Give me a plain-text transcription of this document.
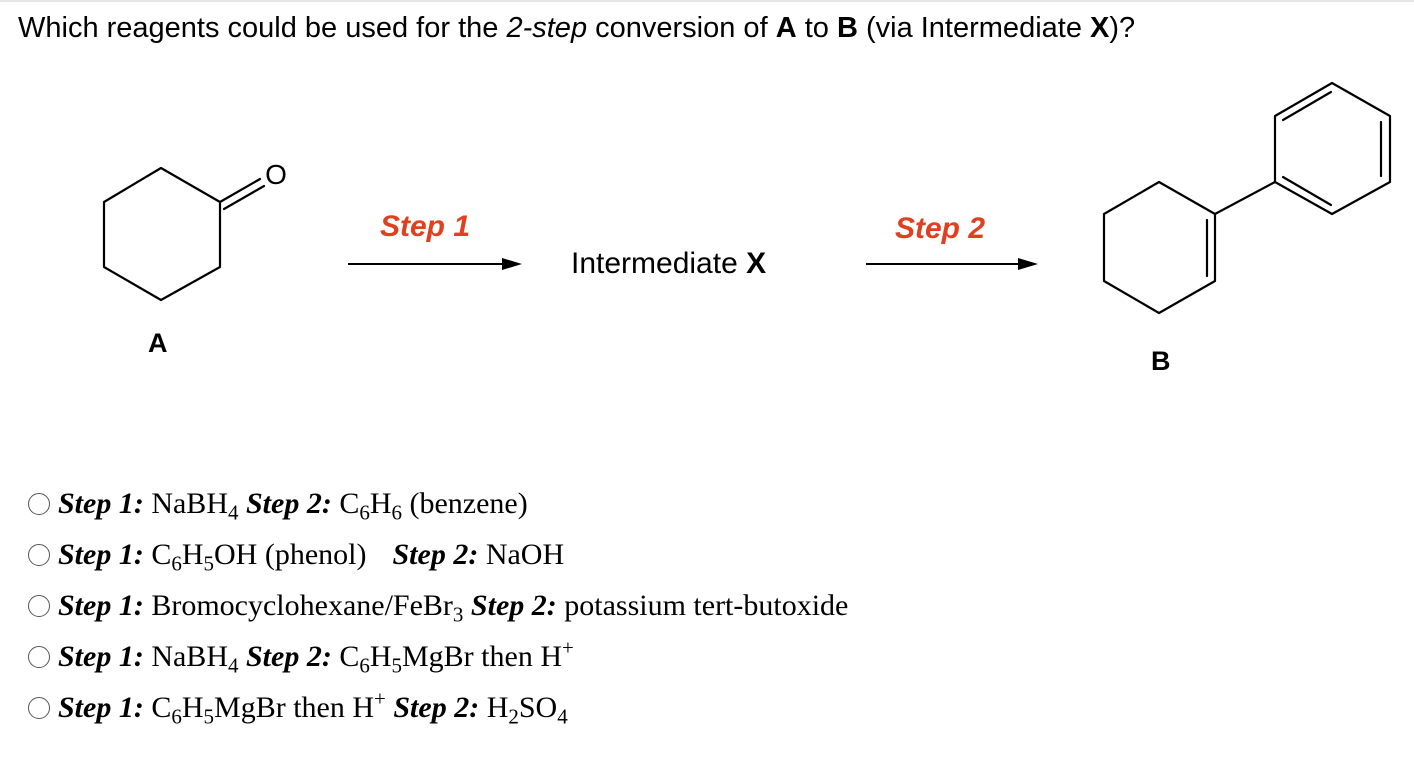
Which reagents could be used for the 2-step conversion of A to B (via Intermediate X)?
O
A
B
Step 1	Step 2
Intermediate X
Step 1: NaBH$_4$ Step 2: $C_6H_6$ (benzene)
Step 1: $C_6H_5OH$ (phenol) Step 2: NaOH
Step 1: Bromocyclohexane/FeBr$_3$ Step 2: potassium tert-butoxide
Step 1: NaBH$_4$ Step 2: $C_6H_5MgBr$ then H+
Step 1: $C_6H_5MgBr$ then H+ Step 2: $H_2SO_4$
